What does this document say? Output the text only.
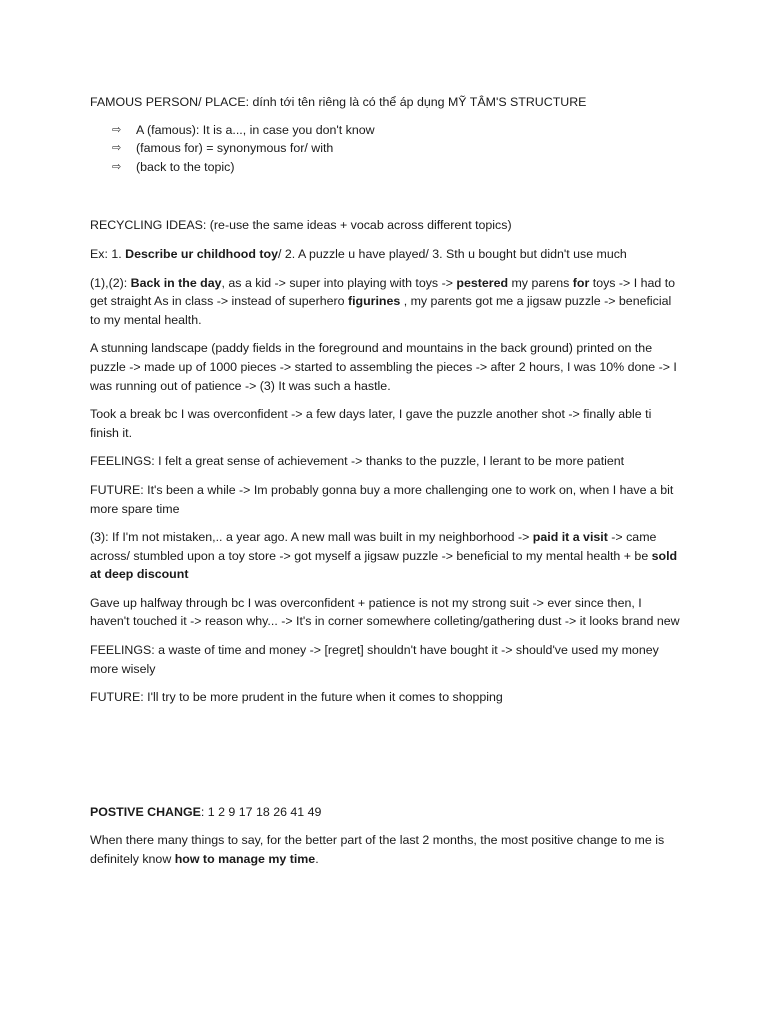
FAMOUS PERSON/ PLACE: dính tới tên riêng là có thể áp dụng MỸ TÂM'S STRUCTURE

⇨	A (famous): It is a..., in case you don't know
⇨	(famous for) = synonymous for/ with
⇨	(back to the topic)

RECYCLING IDEAS: (re-use the same ideas + vocab across different topics)

Ex: 1. Describe ur childhood toy/ 2. A puzzle u have played/ 3. Sth u bought but didn't use much

(1),(2): Back in the day, as a kid -> super into playing with toys -> pestered my parens for toys -> I had to get straight As in class -> instead of superhero figurines , my parents got me a jigsaw puzzle -> beneficial to my mental health.

A stunning landscape (paddy fields in the foreground and mountains in the back ground) printed on the puzzle -> made up of 1000 pieces -> started to assembling the pieces -> after 2 hours, I was 10% done -> I was running out of patience -> (3) It was such a hastle.

Took a break bc I was overconfident -> a few days later, I gave the puzzle another shot -> finally able ti finish it.

FEELINGS: I felt a great sense of achievement -> thanks to the puzzle, I lerant to be more patient

FUTURE: It's been a while -> Im probably gonna buy a more challenging one to work on, when I have a bit more spare time

(3): If I'm not mistaken,.. a year ago. A new mall was built in my neighborhood -> paid it a visit -> came across/ stumbled upon a toy store -> got myself a jigsaw puzzle -> beneficial to my mental health + be sold at deep discount

Gave up halfway through bc I was overconfident + patience is not my strong suit -> ever since then, I haven't touched it -> reason why... -> It's in corner somewhere colleting/gathering dust -> it looks brand new

FEELINGS: a waste of time and money -> [regret] shouldn't have bought it -> should've used my money more wisely

FUTURE: I'll try to be more prudent in the future when it comes to shopping

POSTIVE CHANGE: 1 2 9 17 18 26 41 49

When there many things to say, for the better part of the last 2 months, the most positive change to me is definitely know how to manage my time.
